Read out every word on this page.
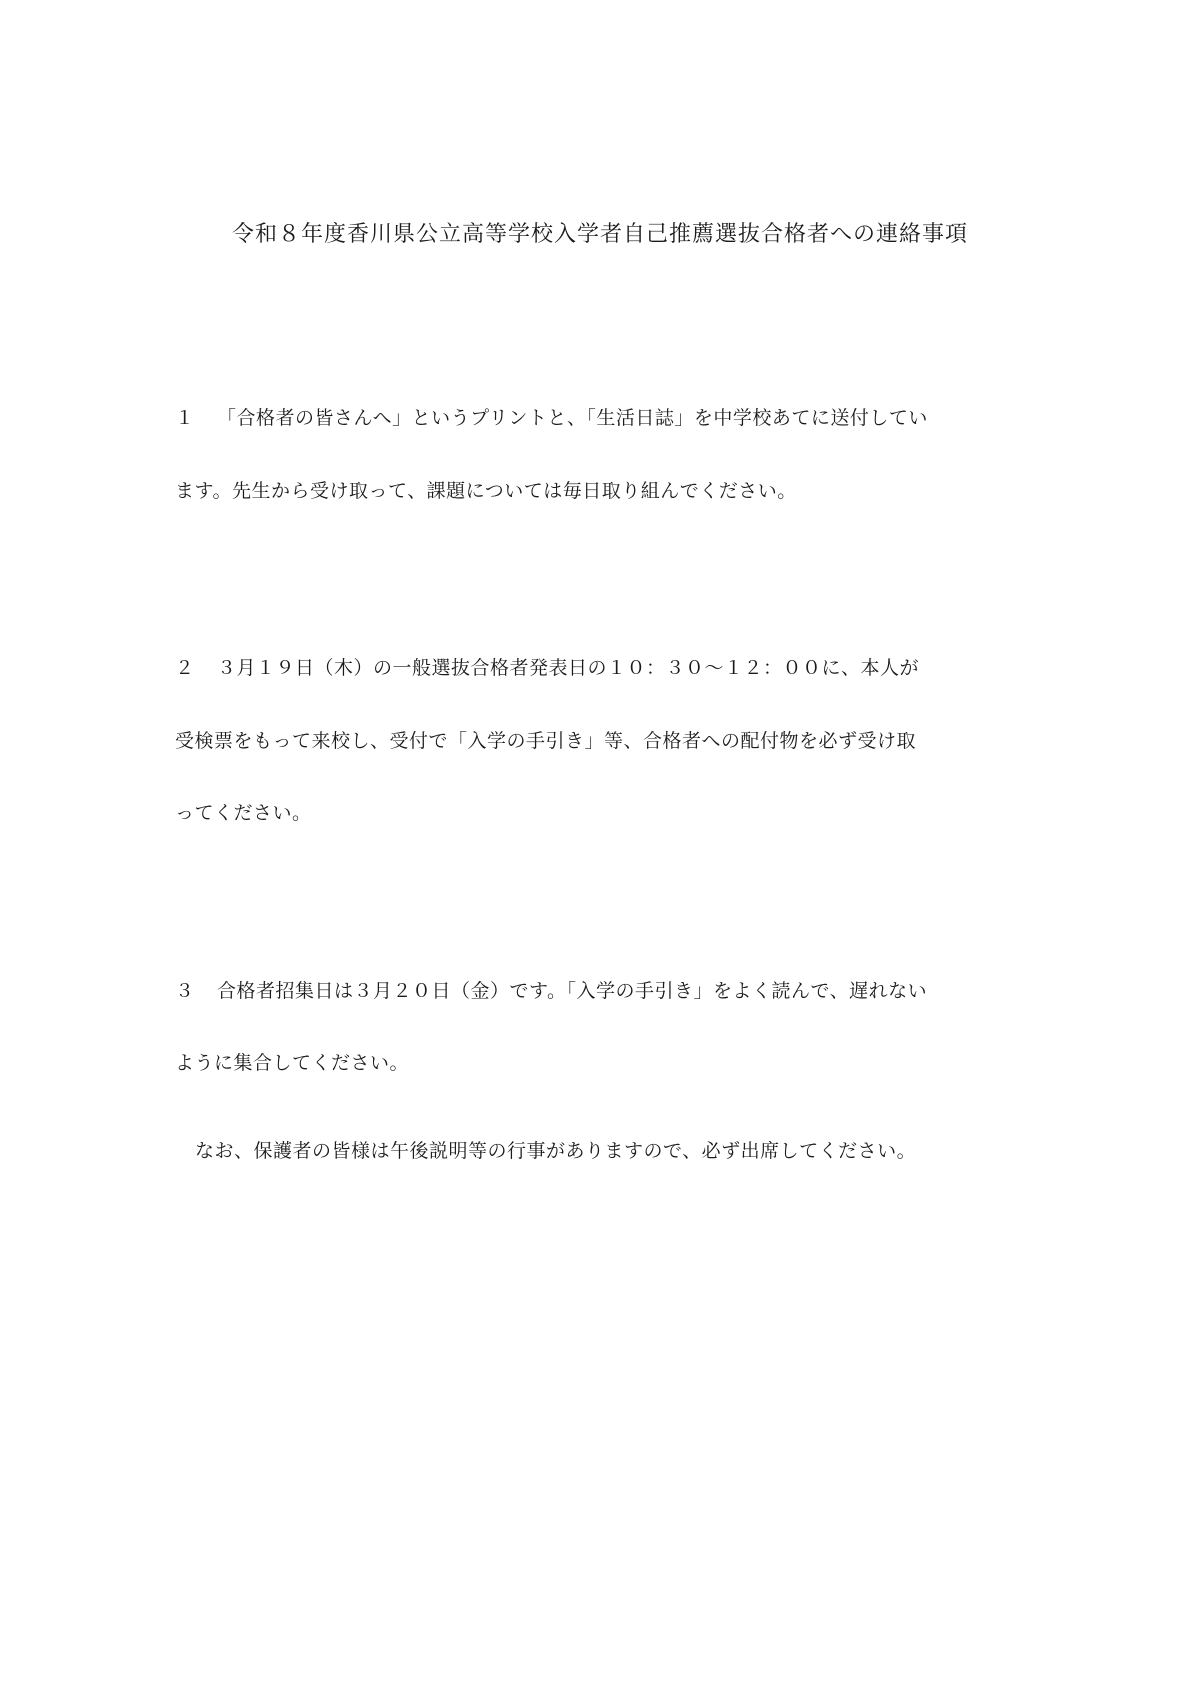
令和８年度香川県公立高等学校入学者自己推薦選抜合格者への連絡事項
１ 「合格者の皆さんへ」というプリントと、「生活日誌」を中学校あてに送付してい
ます。先生から受け取って、課題については毎日取り組んでください。
２ ３月１９日（木）の一般選抜合格者発表日の１０：３０～１２：００に、本人が
受検票をもって来校し、受付で「入学の手引き」等、合格者への配付物を必ず受け取
ってください。
３ 合格者招集日は３月２０日（金）です。「入学の手引き」をよく読んで、遅れない
ように集合してください。
なお、保護者の皆様は午後説明等の行事がありますので、必ず出席してください。
